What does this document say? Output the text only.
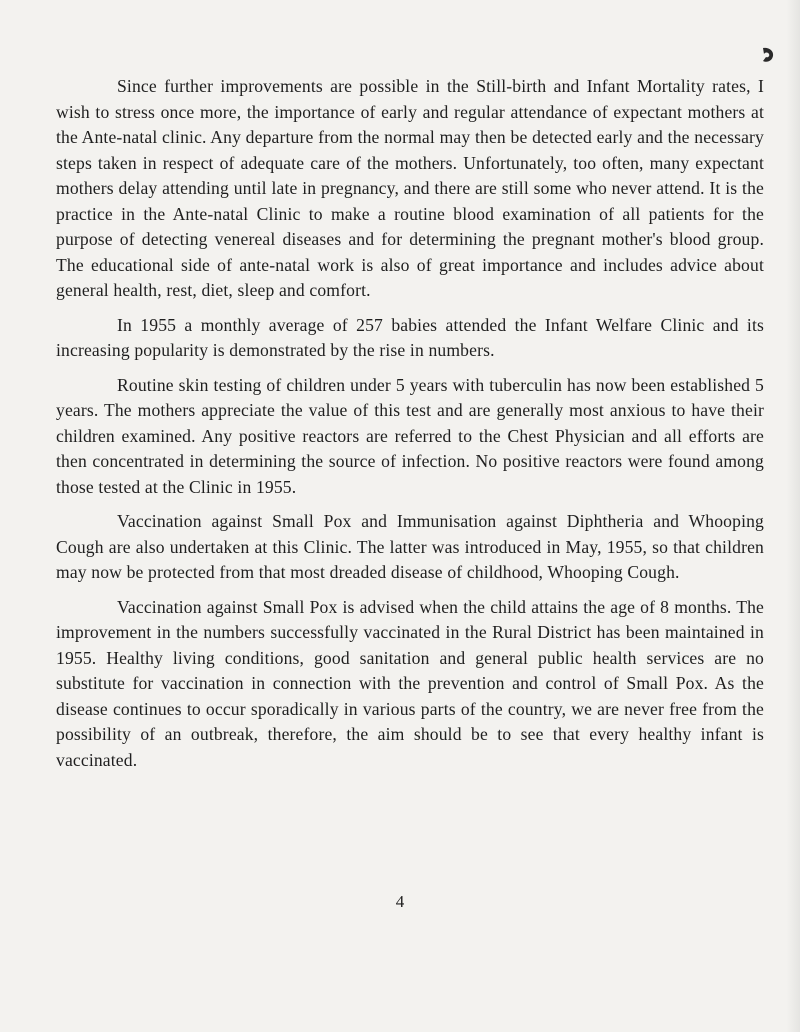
Since further improvements are possible in the Still-birth and Infant Mortality rates, I wish to stress once more, the importance of early and regular attendance of expectant mothers at the Ante-natal clinic. Any departure from the normal may then be detected early and the necessary steps taken in respect of adequate care of the mothers. Unfortunately, too often, many expectant mothers delay attending until late in pregnancy, and there are still some who never attend. It is the practice in the Ante-natal Clinic to make a routine blood examination of all patients for the purpose of detecting venereal diseases and for determining the pregnant mother's blood group. The educational side of ante-natal work is also of great importance and includes advice about general health, rest, diet, sleep and comfort.

In 1955 a monthly average of 257 babies attended the Infant Welfare Clinic and its increasing popularity is demonstrated by the rise in numbers.

Routine skin testing of children under 5 years with tuberculin has now been established 5 years. The mothers appreciate the value of this test and are generally most anxious to have their children examined. Any positive reactors are referred to the Chest Physician and all efforts are then concentrated in determining the source of infection. No positive reactors were found among those tested at the Clinic in 1955.

Vaccination against Small Pox and Immunisation against Diphtheria and Whooping Cough are also undertaken at this Clinic. The latter was introduced in May, 1955, so that children may now be protected from that most dreaded disease of childhood, Whooping Cough.

Vaccination against Small Pox is advised when the child attains the age of 8 months. The improvement in the numbers successfully vaccinated in the Rural District has been maintained in 1955. Healthy living conditions, good sanitation and general public health services are no substitute for vaccination in connection with the prevention and control of Small Pox. As the disease continues to occur sporadically in various parts of the country, we are never free from the possibility of an outbreak, therefore, the aim should be to see that every healthy infant is vaccinated.

4
